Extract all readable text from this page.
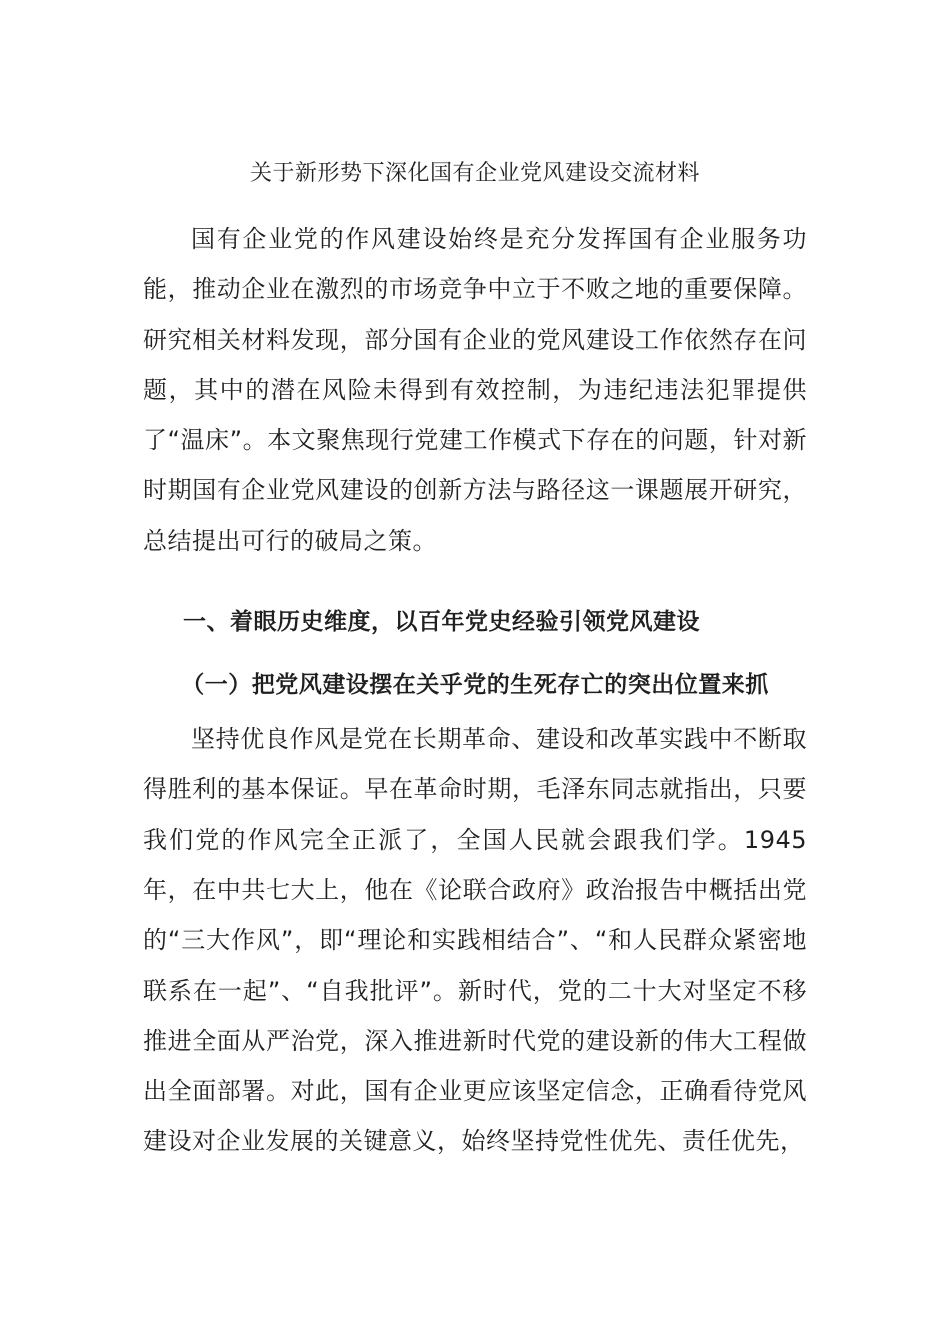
关于新形势下深化国有企业党风建设交流材料

国有企业党的作风建设始终是充分发挥国有企业服务功能，推动企业在激烈的市场竞争中立于不败之地的重要保障。研究相关材料发现，部分国有企业的党风建设工作依然存在问题，其中的潜在风险未得到有效控制，为违纪违法犯罪提供了“温床”。本文聚焦现行党建工作模式下存在的问题，针对新时期国有企业党风建设的创新方法与路径这一课题展开研究，总结提出可行的破局之策。

一、着眼历史维度，以百年党史经验引领党风建设
（一）把党风建设摆在关乎党的生死存亡的突出位置来抓

坚持优良作风是党在长期革命、建设和改革实践中不断取得胜利的基本保证。早在革命时期，毛泽东同志就指出，只要我们党的作风完全正派了，全国人民就会跟我们学。1945年，在中共七大上，他在《论联合政府》政治报告中概括出党的“三大作风”，即“理论和实践相结合”、“和人民群众紧密地联系在一起”、“自我批评”。新时代，党的二十大对坚定不移推进全面从严治党，深入推进新时代党的建设新的伟大工程做出全面部署。对此，国有企业更应该坚定信念，正确看待党风建设对企业发展的关键意义，始终坚持党性优先、责任优先，
